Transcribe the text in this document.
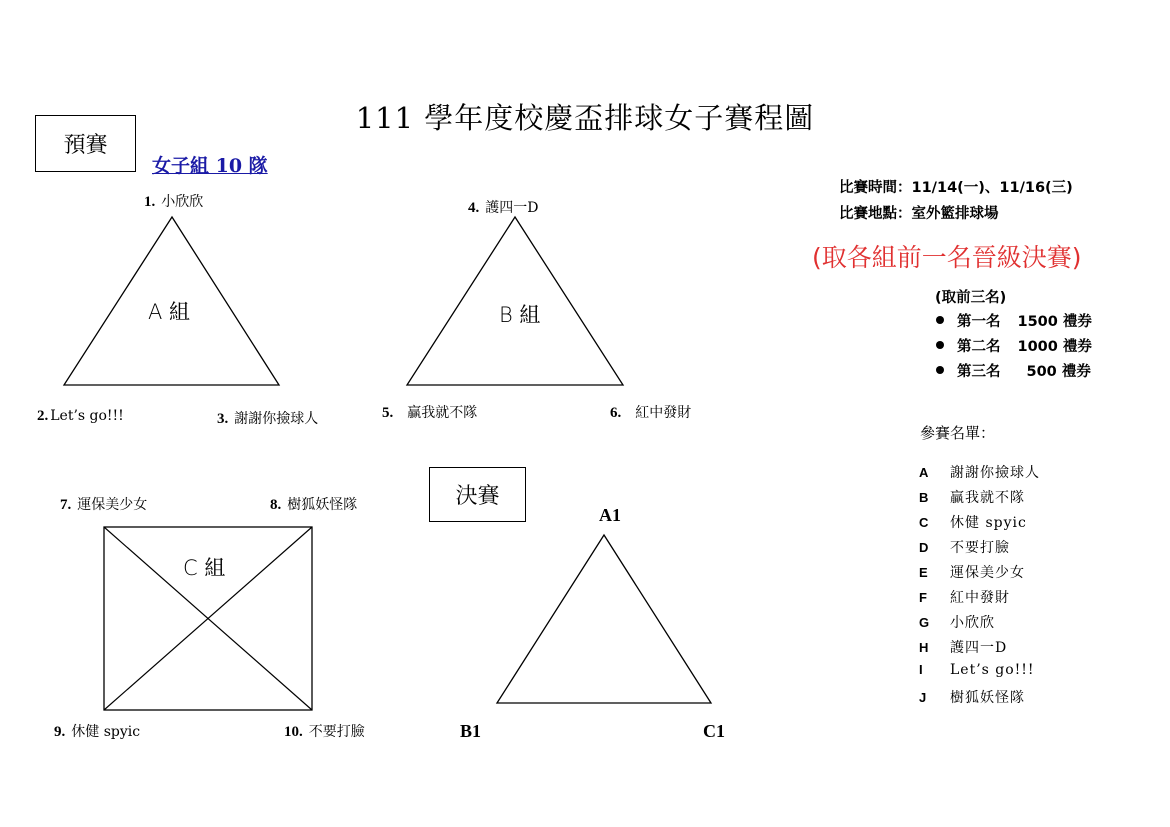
111 學年度校慶盃排球女子賽程圖
預賽
女子組 10 隊
1. 小欣欣
A 組
2. Let’s go!!!	3. 謝謝你撿球人
4. 護四一D
B 組
5. 贏我就不隊	6. 紅中發財
7. 運保美少女	8. 樹狐妖怪隊
C 組
9. 休健 spyic	10. 不要打臉
決賽
A1
B1	C1
比賽時間：11/14(一)、11/16(三)
比賽地點：室外籃排球場
(取各組前一名晉級決賽)
(取前三名)
第一名 1500 禮券
第二名 1000 禮券
第三名 500 禮券
參賽名單：
A 謝謝你撿球人
B 贏我就不隊
C 休健 spyic
D 不要打臉
E 運保美少女
F 紅中發財
G 小欣欣
H 護四一D
I Let’s go!!!
J 樹狐妖怪隊
